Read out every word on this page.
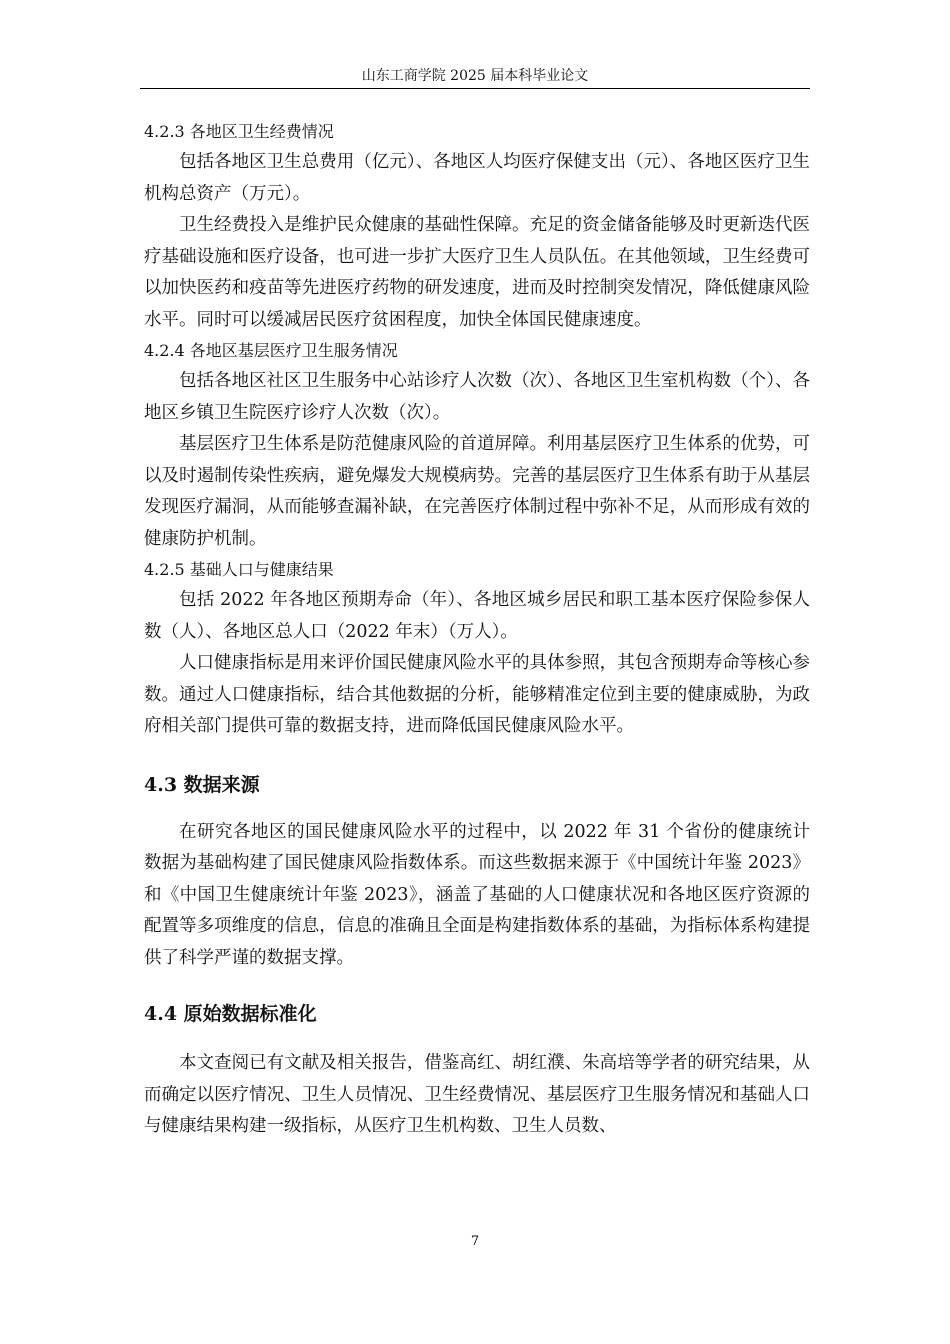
山东工商学院 2025 届本科毕业论文
4.2.3 各地区卫生经费情况

包括各地区卫生总费用（亿元）、各地区人均医疗保健支出（元）、各地区医疗卫生机构总资产（万元）。

卫生经费投入是维护民众健康的基础性保障。充足的资金储备能够及时更新迭代医疗基础设施和医疗设备，也可进一步扩大医疗卫生人员队伍。在其他领域，卫生经费可以加快医药和疫苗等先进医疗药物的研发速度，进而及时控制突发情况，降低健康风险水平。同时可以缓减居民医疗贫困程度，加快全体国民健康速度。

4.2.4 各地区基层医疗卫生服务情况

包括各地区社区卫生服务中心站诊疗人次数（次）、各地区卫生室机构数（个）、各地区乡镇卫生院医疗诊疗人次数（次）。

基层医疗卫生体系是防范健康风险的首道屏障。利用基层医疗卫生体系的优势，可以及时遏制传染性疾病，避免爆发大规模病势。完善的基层医疗卫生体系有助于从基层发现医疗漏洞，从而能够查漏补缺，在完善医疗体制过程中弥补不足，从而形成有效的健康防护机制。

4.2.5 基础人口与健康结果

包括 2022 年各地区预期寿命（年）、各地区城乡居民和职工基本医疗保险参保人数（人）、各地区总人口（2022 年末）（万人）。

人口健康指标是用来评价国民健康风险水平的具体参照，其包含预期寿命等核心参数。通过人口健康指标，结合其他数据的分析，能够精准定位到主要的健康威胁，为政府相关部门提供可靠的数据支持，进而降低国民健康风险水平。

4.3 数据来源

在研究各地区的国民健康风险水平的过程中，以 2022 年 31 个省份的健康统计数据为基础构建了国民健康风险指数体系。而这些数据来源于《中国统计年鉴 2023》和《中国卫生健康统计年鉴 2023》，涵盖了基础的人口健康状况和各地区医疗资源的配置等多项维度的信息，信息的准确且全面是构建指数体系的基础，为指标体系构建提供了科学严谨的数据支撑。

4.4 原始数据标准化

本文查阅已有文献及相关报告，借鉴高红、胡红濮、朱高培等学者的研究结果，从而确定以医疗情况、卫生人员情况、卫生经费情况、基层医疗卫生服务情况和基础人口与健康结果构建一级指标，从医疗卫生机构数、卫生人员数、

7
